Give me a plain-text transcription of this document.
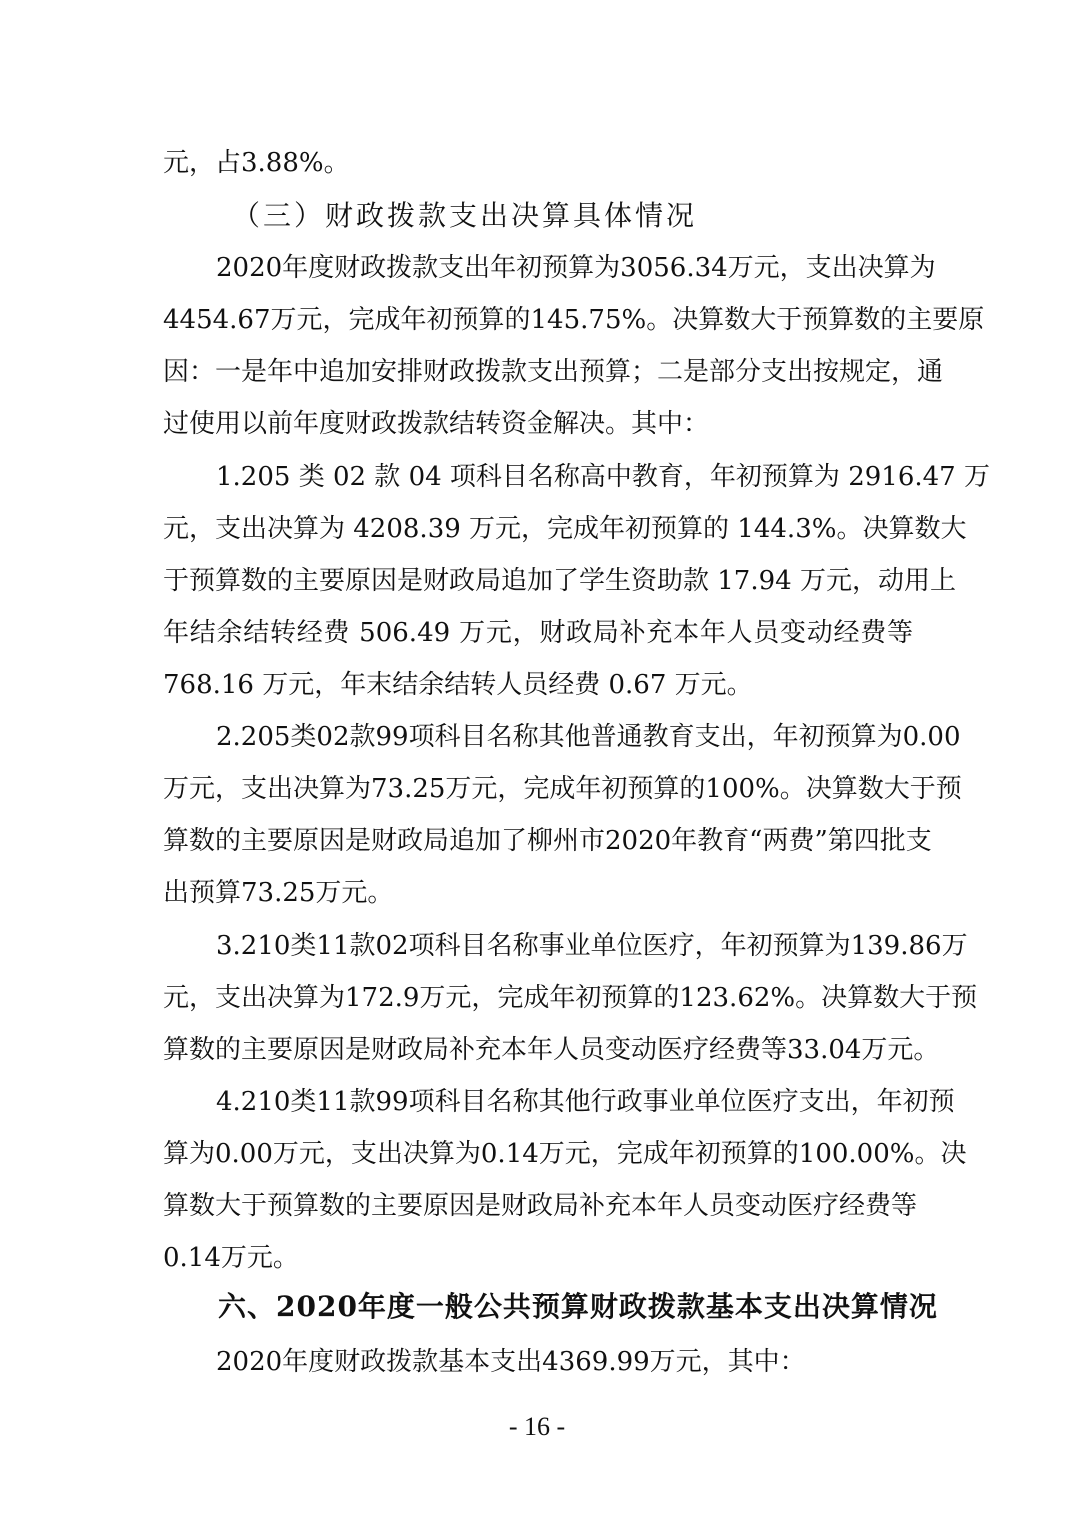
元，占3.88%。
（三）财政拨款支出决算具体情况
2020年度财政拨款支出年初预算为3056.34万元，支出决算为
4454.67万元，完成年初预算的145.75%。决算数大于预算数的主要原
因：一是年中追加安排财政拨款支出预算；二是部分支出按规定，通
过使用以前年度财政拨款结转资金解决。其中：
1.205 类 02 款 04 项科目名称高中教育，年初预算为 2916.47 万
元，支出决算为 4208.39 万元，完成年初预算的 144.3%。决算数大
于预算数的主要原因是财政局追加了学生资助款 17.94 万元，动用上
年结余结转经费 506.49 万元，财政局补充本年人员变动经费等
768.16 万元，年末结余结转人员经费 0.67 万元。
2.205类02款99项科目名称其他普通教育支出，年初预算为0.00
万元，支出决算为73.25万元，完成年初预算的100%。决算数大于预
算数的主要原因是财政局追加了柳州市2020年教育“两费”第四批支
出预算73.25万元。
3.210类11款02项科目名称事业单位医疗，年初预算为139.86万
元，支出决算为172.9万元，完成年初预算的123.62%。决算数大于预
算数的主要原因是财政局补充本年人员变动医疗经费等33.04万元。
4.210类11款99项科目名称其他行政事业单位医疗支出，年初预
算为0.00万元，支出决算为0.14万元，完成年初预算的100.00%。决
算数大于预算数的主要原因是财政局补充本年人员变动医疗经费等
0.14万元。
六、2020年度一般公共预算财政拨款基本支出决算情况
2020年度财政拨款基本支出4369.99万元，其中：
- 16 -
